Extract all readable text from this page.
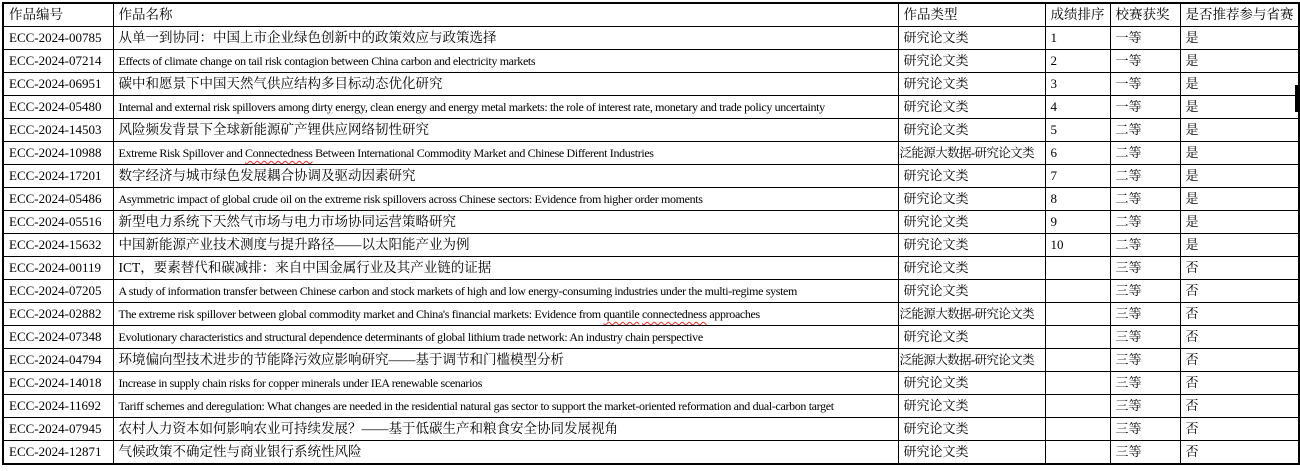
作品编号	作品名称	作品类型	成绩排序	校赛获奖	是否推荐参与省赛
ECC-2024-00785	从单一到协同：中国上市企业绿色创新中的政策效应与政策选择	研究论文类	1	一等	是
ECC-2024-07214	Effects of climate change on tail risk contagion between China carbon and electricity markets	研究论文类	2	一等	是
ECC-2024-06951	碳中和愿景下中国天然气供应结构多目标动态优化研究	研究论文类	3	一等	是
ECC-2024-05480	Internal and external risk spillovers among dirty energy, clean energy and energy metal markets: the role of interest rate, monetary and trade policy uncertainty	研究论文类	4	一等	是
ECC-2024-14503	风险频发背景下全球新能源矿产锂供应网络韧性研究	研究论文类	5	二等	是
ECC-2024-10988	Extreme Risk Spillover and Connectedness Between International Commodity Market and Chinese Different Industries	泛能源大数据-研究论文类	6	二等	是
ECC-2024-17201	数字经济与城市绿色发展耦合协调及驱动因素研究	研究论文类	7	二等	是
ECC-2024-05486	Asymmetric impact of global crude oil on the extreme risk spillovers across Chinese sectors: Evidence from higher order moments	研究论文类	8	二等	是
ECC-2024-05516	新型电力系统下天然气市场与电力市场协同运营策略研究	研究论文类	9	二等	是
ECC-2024-15632	中国新能源产业技术测度与提升路径——以太阳能产业为例	研究论文类	10	二等	是
ECC-2024-00119	ICT，要素替代和碳减排：来自中国金属行业及其产业链的证据	研究论文类		三等	否
ECC-2024-07205	A study of information transfer between Chinese carbon and stock markets of high and low energy-consuming industries under the multi-regime system	研究论文类		三等	否
ECC-2024-02882	The extreme risk spillover between global commodity market and China's financial markets: Evidence from quantile connectedness approaches	泛能源大数据-研究论文类		三等	否
ECC-2024-07348	Evolutionary characteristics and structural dependence determinants of global lithium trade network: An industry chain perspective	研究论文类		三等	否
ECC-2024-04794	环境偏向型技术进步的节能降污效应影响研究——基于调节和门槛模型分析	泛能源大数据-研究论文类		三等	否
ECC-2024-14018	Increase in supply chain risks for copper minerals under IEA renewable scenarios	研究论文类		三等	否
ECC-2024-11692	Tariff schemes and deregulation: What changes are needed in the residential natural gas sector to support the market-oriented reformation and dual-carbon target	研究论文类		三等	否
ECC-2024-07945	农村人力资本如何影响农业可持续发展？——基于低碳生产和粮食安全协同发展视角	研究论文类		三等	否
ECC-2024-12871	气候政策不确定性与商业银行系统性风险	研究论文类		三等	否
